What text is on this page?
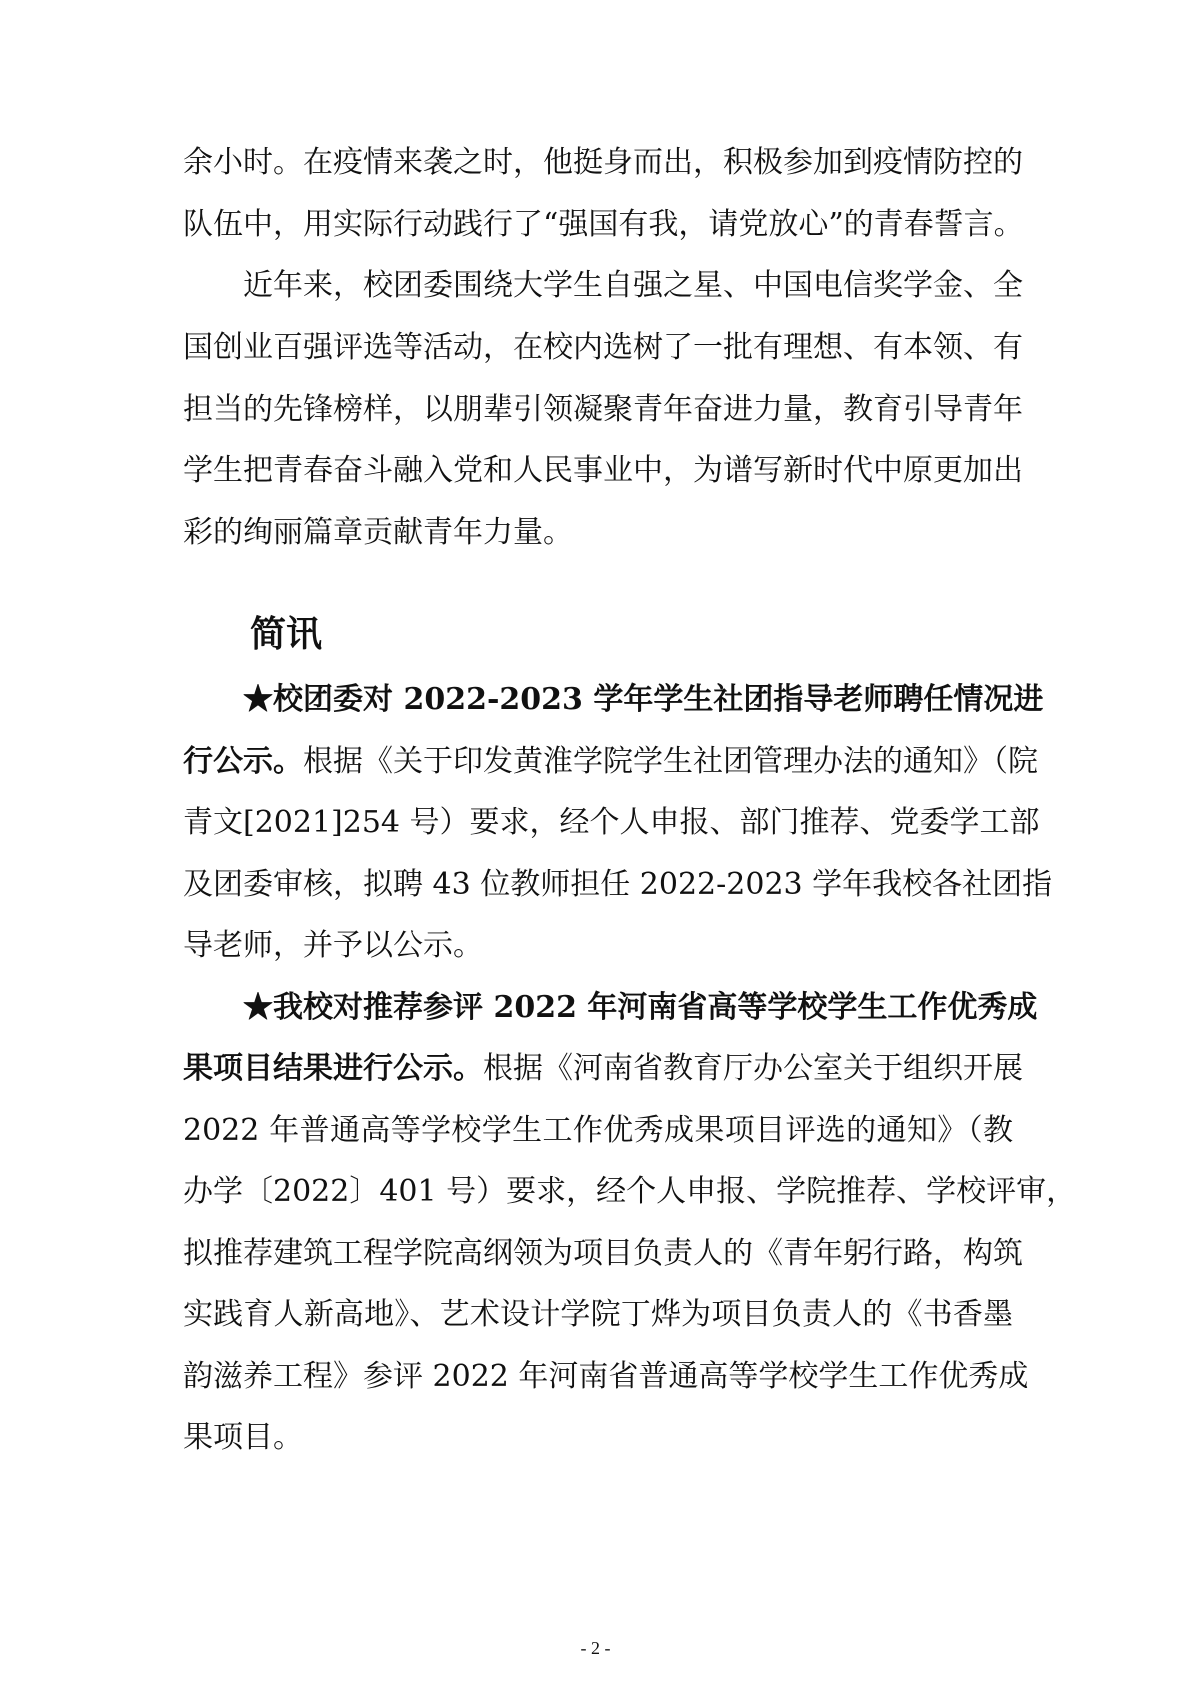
余小时。在疫情来袭之时，他挺身而出，积极参加到疫情防控的
队伍中，用实际行动践行了“强国有我，请党放心”的青春誓言。
近年来，校团委围绕大学生自强之星、中国电信奖学金、全
国创业百强评选等活动，在校内选树了一批有理想、有本领、有
担当的先锋榜样，以朋辈引领凝聚青年奋进力量，教育引导青年
学生把青春奋斗融入党和人民事业中，为谱写新时代中原更加出
彩的绚丽篇章贡献青年力量。
简讯
★校团委对 2022-2023 学年学生社团指导老师聘任情况进
行公示。根据《关于印发黄淮学院学生社团管理办法的通知》（院
青文[2021]254 号）要求，经个人申报、部门推荐、党委学工部
及团委审核，拟聘 43 位教师担任 2022-2023 学年我校各社团指
导老师，并予以公示。
★我校对推荐参评 2022 年河南省高等学校学生工作优秀成
果项目结果进行公示。根据《河南省教育厅办公室关于组织开展
2022 年普通高等学校学生工作优秀成果项目评选的通知》（教
办学〔2022〕401 号）要求，经个人申报、学院推荐、学校评审，
拟推荐建筑工程学院高纲领为项目负责人的《青年躬行路，构筑
实践育人新高地》、艺术设计学院丁烨为项目负责人的《书香墨
韵滋养工程》参评 2022 年河南省普通高等学校学生工作优秀成
果项目。
- 2 -
